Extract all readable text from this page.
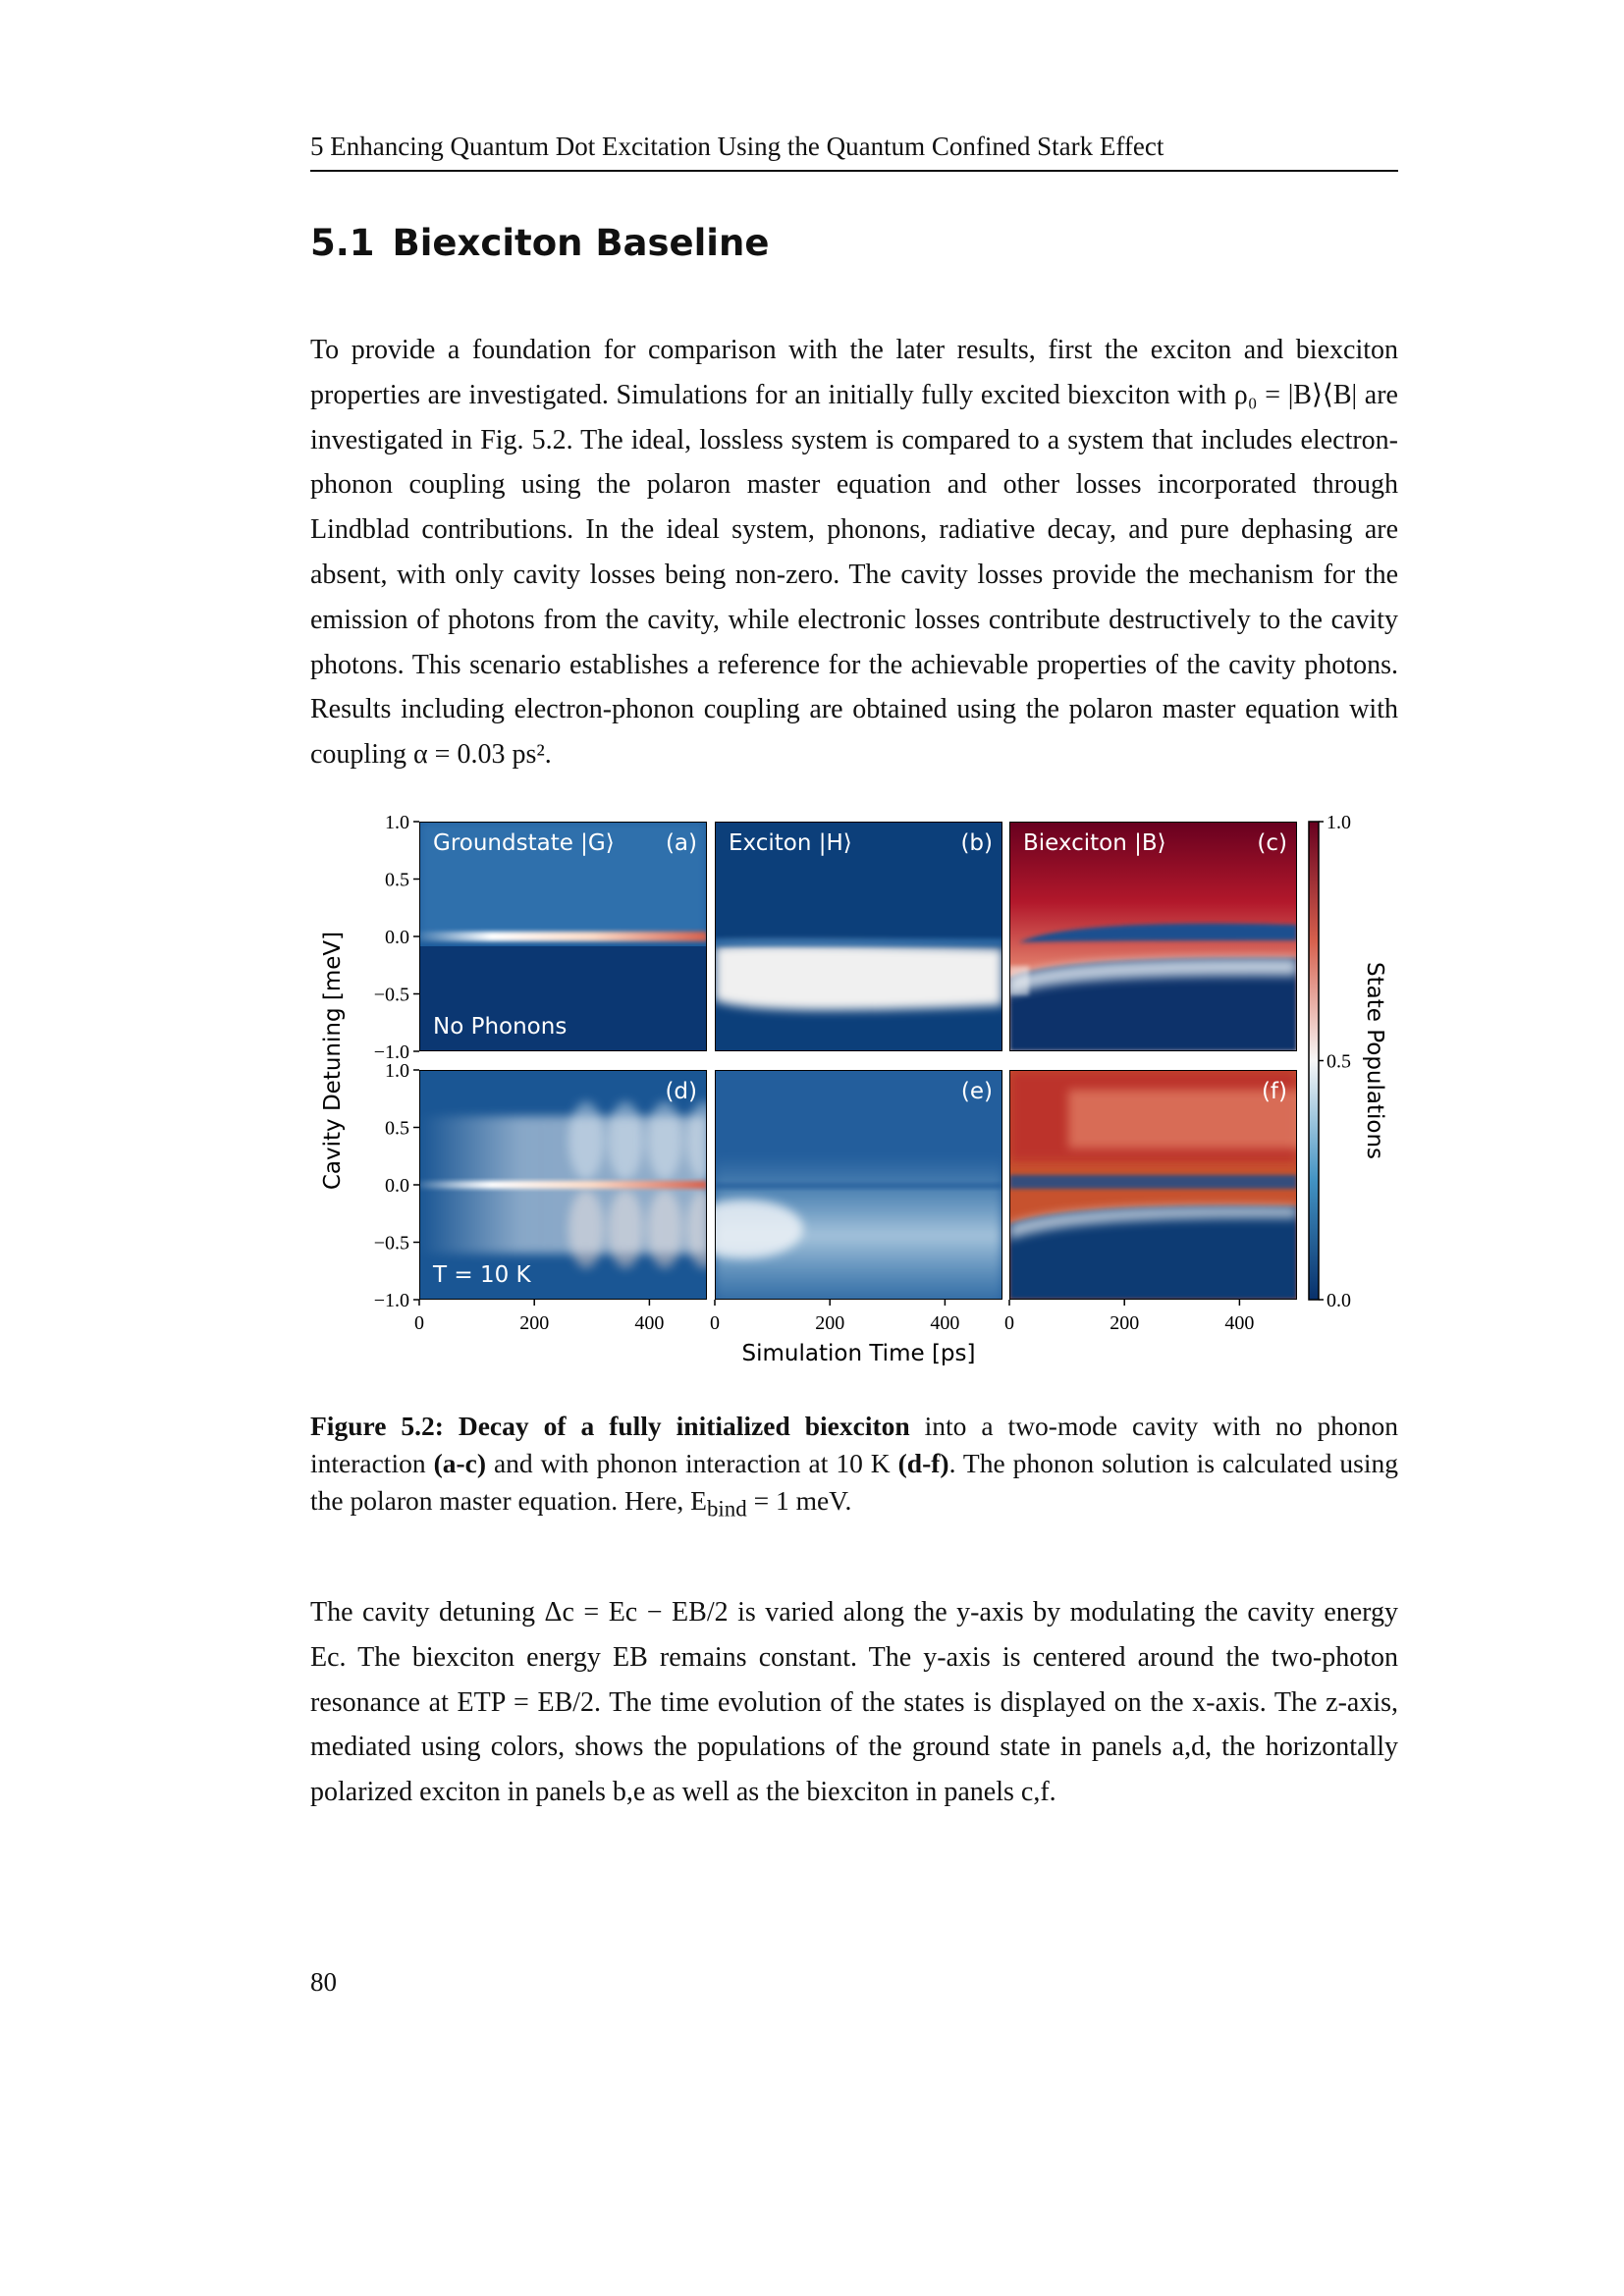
5 Enhancing Quantum Dot Excitation Using the Quantum Confined Stark Effect
5.1 Biexciton Baseline

To provide a foundation for comparison with the later results, first the exciton and biexciton properties are investigated. Simulations for an initially fully excited biexciton with ρ₀ = |B⟩⟨B| are investigated in Fig. 5.2. The ideal, lossless system is compared to a system that includes electron-phonon coupling using the polaron master equation and other losses incorporated through Lindblad contributions. In the ideal system, phonons, radiative decay, and pure dephasing are absent, with only cavity losses being non-zero. The cavity losses provide the mechanism for the emission of photons from the cavity, while electronic losses contribute destructively to the cavity photons. This scenario establishes a reference for the achievable properties of the cavity photons. Results including electron-phonon coupling are obtained using the polaron master equation with coupling α = 0.03 ps².

Groundstate |G⟩ (a)
No Phonons
Exciton |H⟩	(b) Biexciton |B⟩	(c)
(d)
T = 10 K
(e)	(f)
1.0
1.0
0.5
0.5
0.0
0.0
−0.5
−0.5
−1.0
−1.0
0	0	0
200	200	200
400	400	400
Simulation Time [ps]
Cavity Detuning [meV]
1.0
0.5
0.0
State Populations

Figure 5.2: Decay of a fully initialized biexciton into a two-mode cavity with no phonon interaction (a-c) and with phonon interaction at 10 K (d-f). The phonon solution is calculated using the polaron master equation. Here, $E_{bind} = 1$ meV.

The cavity detuning Δc = Ec − EB/2 is varied along the y-axis by modulating the cavity energy Ec. The biexciton energy EB remains constant. The y-axis is centered around the two-photon resonance at ETP = EB/2. The time evolution of the states is displayed on the x-axis. The z-axis, mediated using colors, shows the populations of the ground state in panels a,d, the horizontally polarized exciton in panels b,e as well as the biexciton in panels c,f.

80
